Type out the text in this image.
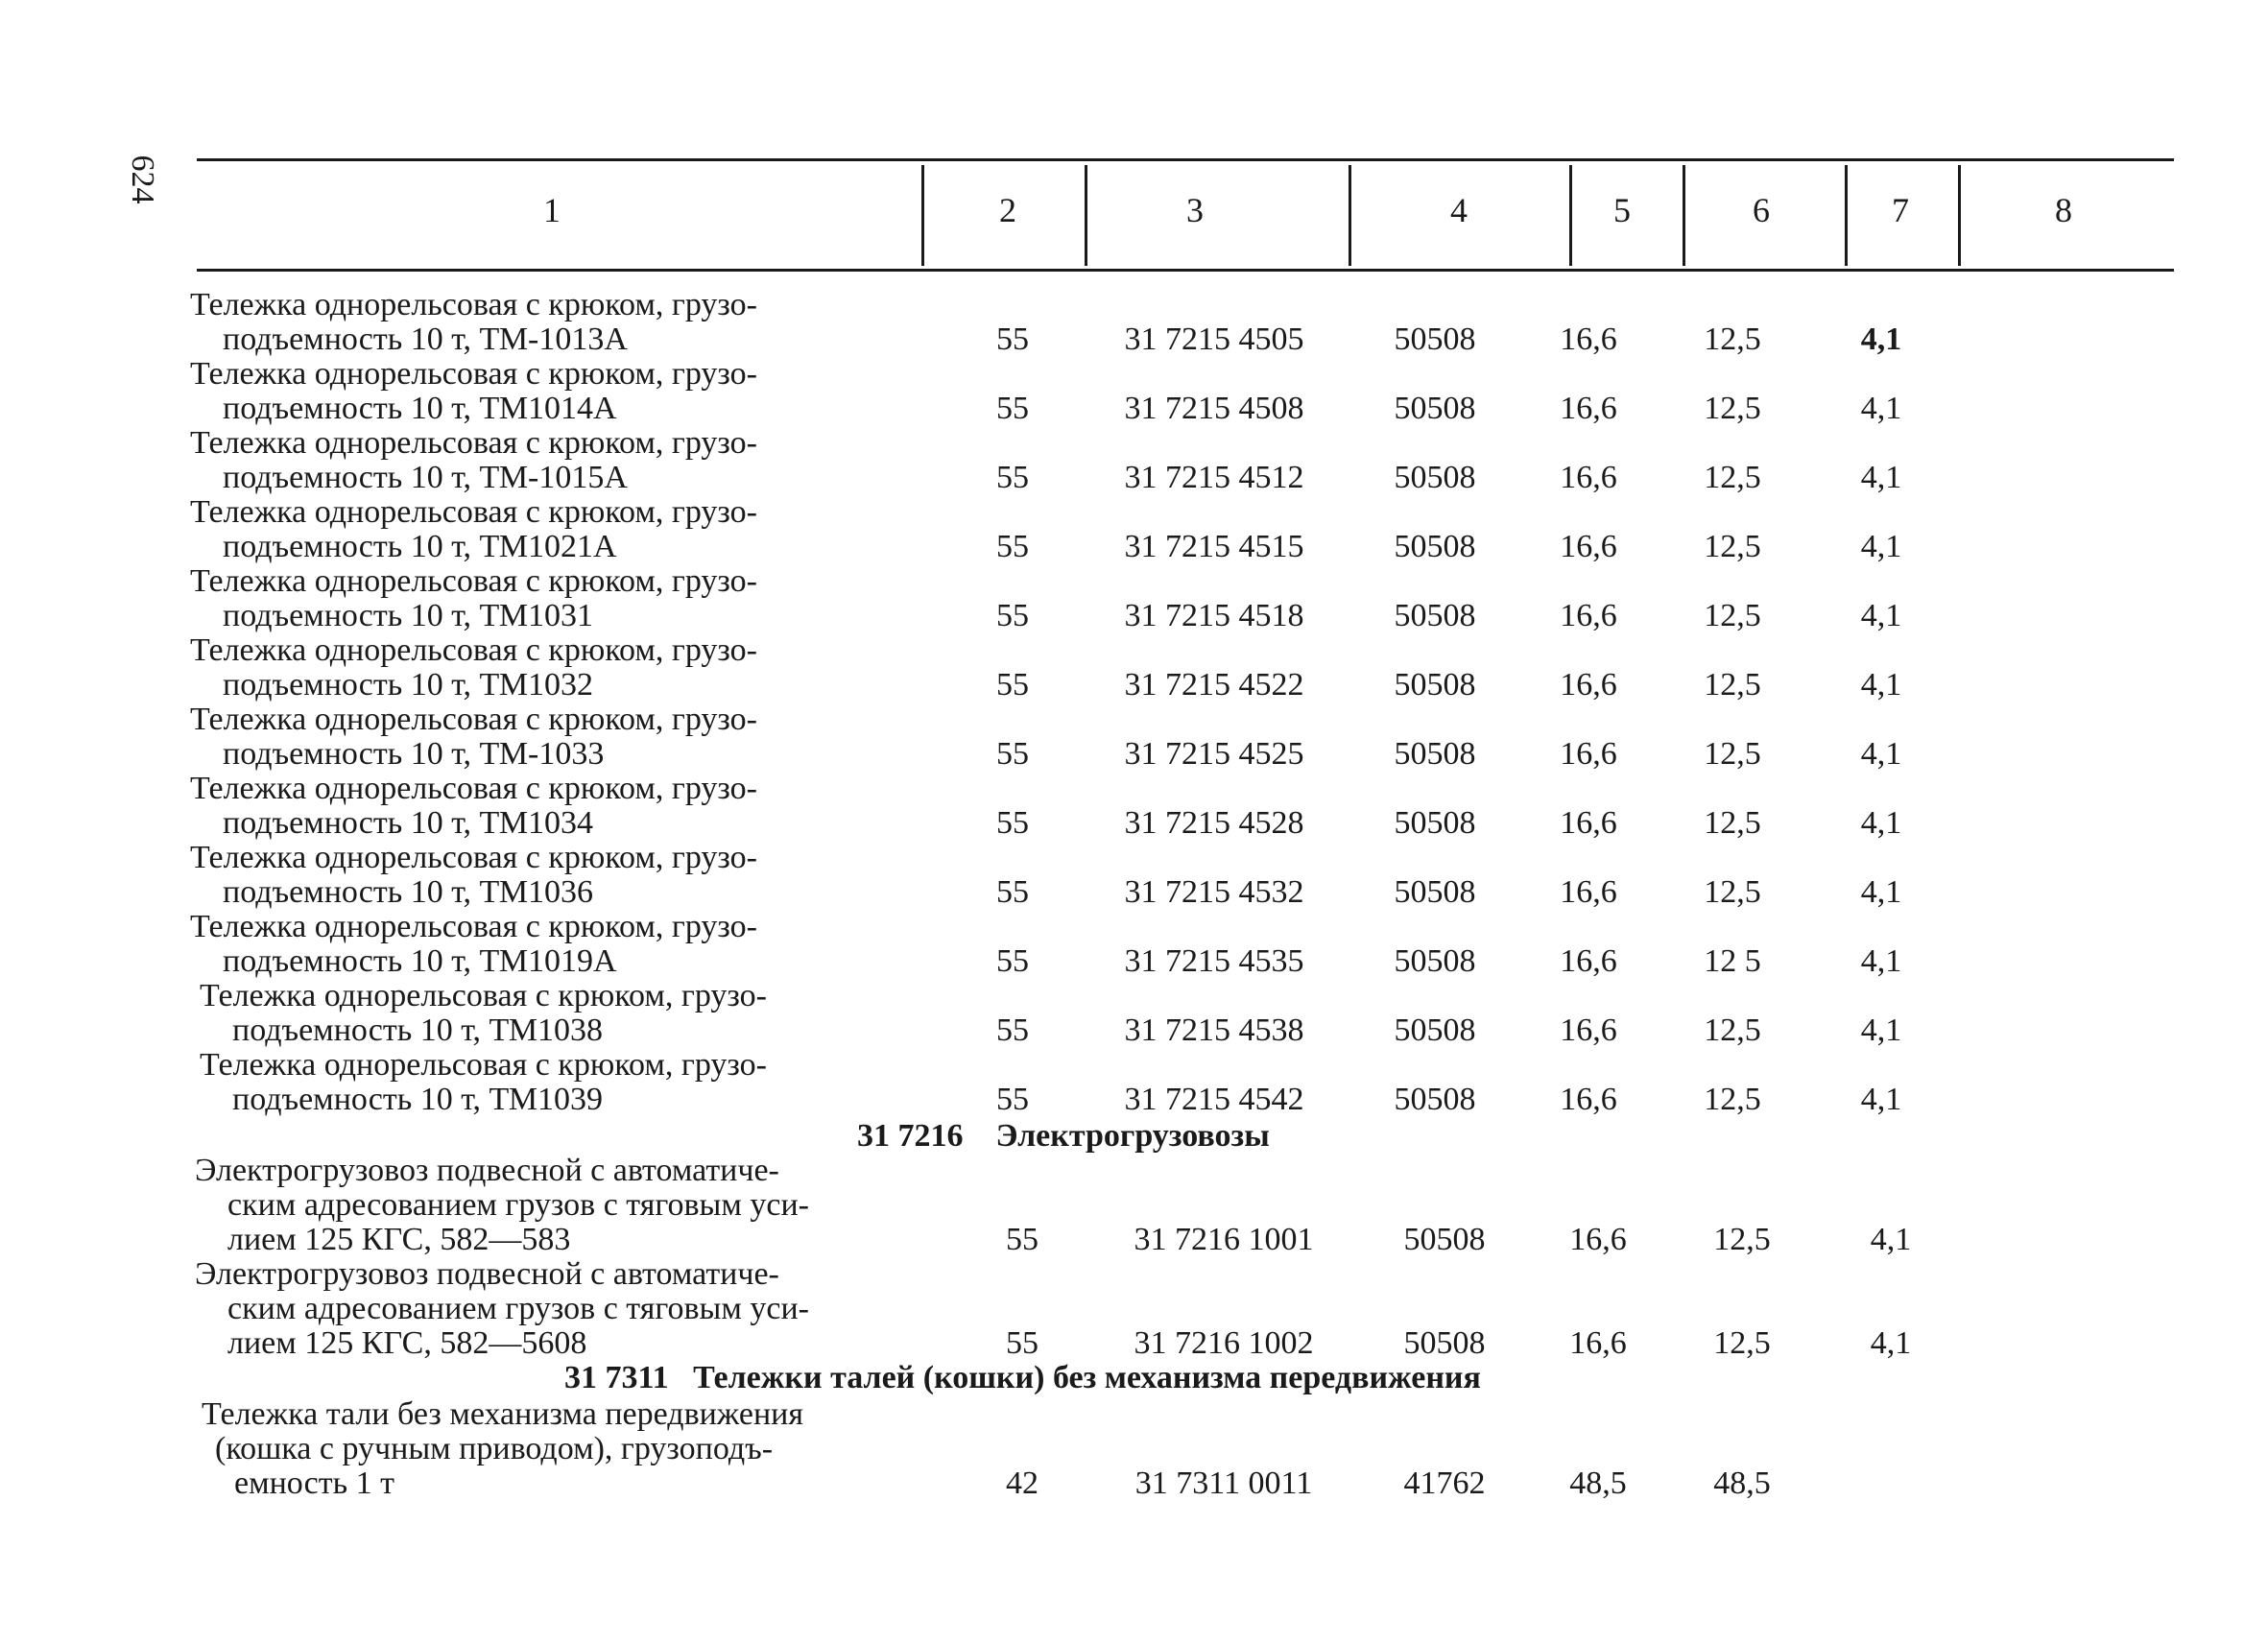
624
1	2	3	4	5	6	7	8
Тележка однорельсовая с крюком, грузо-
подъемность 10 т, ТМ-1013А	55	31 7215 4505	50508	16,6	12,5	4,1
Тележка однорельсовая с крюком, грузо-
подъемность 10 т, ТМ1014А	55	31 7215 4508	50508	16,6	12,5	4,1
Тележка однорельсовая с крюком, грузо-
подъемность 10 т, ТМ-1015А	55	31 7215 4512	50508	16,6	12,5	4,1
Тележка однорельсовая с крюком, грузо-
подъемность 10 т, ТМ1021А	55	31 7215 4515	50508	16,6	12,5	4,1
Тележка однорельсовая с крюком, грузо-
подъемность 10 т, ТМ1031	55	31 7215 4518	50508	16,6	12,5	4,1
Тележка однорельсовая с крюком, грузо-
подъемность 10 т, ТМ1032	55	31 7215 4522	50508	16,6	12,5	4,1
Тележка однорельсовая с крюком, грузо-
подъемность 10 т, ТМ-1033	55	31 7215 4525	50508	16,6	12,5	4,1
Тележка однорельсовая с крюком, грузо-
подъемность 10 т, ТМ1034	55	31 7215 4528	50508	16,6	12,5	4,1
Тележка однорельсовая с крюком, грузо-
подъемность 10 т, ТМ1036	55	31 7215 4532	50508	16,6	12,5	4,1
Тележка однорельсовая с крюком, грузо-
подъемность 10 т, ТМ1019А	55	31 7215 4535	50508	16,6	12 5	4,1
Тележка однорельсовая с крюком, грузо-
подъемность 10 т, ТМ1038	55	31 7215 4538	50508	16,6	12,5	4,1
Тележка однорельсовая с крюком, грузо-
подъемность 10 т, ТМ1039	55	31 7215 4542	50508	16,6	12,5	4,1
31 7216 Электрогрузовозы
Электрогрузовоз подвесной с автоматиче-
ским адресованием грузов с тяговым уси-
лием 125 КГС, 582—583	55	31 7216 1001	50508	16,6	12,5	4,1
Электрогрузовоз подвесной с автоматиче-
ским адресованием грузов с тяговым уси-
лием 125 КГС, 582—5608	55	31 7216 1002	50508	16,6	12,5	4,1
31 7311 Тележки талей (кошки) без механизма передвижения
Тележка тали без механизма передвижения
(кошка с ручным приводом), грузоподъ-
емность 1 т	42	31 7311 0011	41762	48,5	48,5
